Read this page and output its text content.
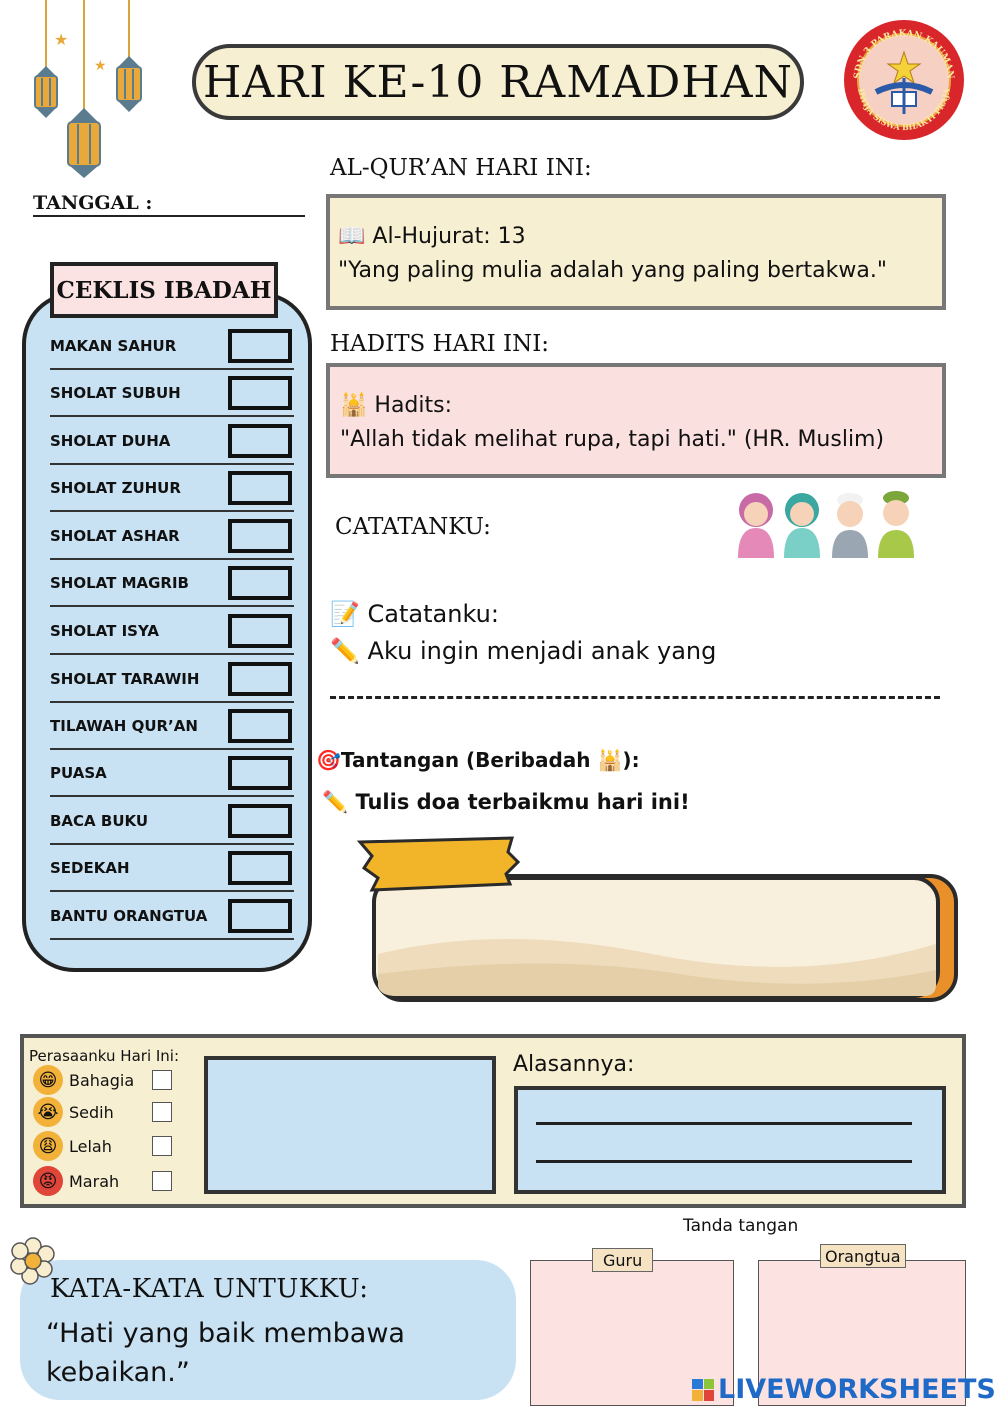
★
★ HARI KE-10 RAMADHAN	SDN 3 PARAKAN KAUMAN
DWIJA SISWA BHAKTI PRAJA
TANGGAL :
CEKLIS IBADAH
MAKAN SAHUR
SHOLAT SUBUH
SHOLAT DUHA
SHOLAT ZUHUR
SHOLAT ASHAR
SHOLAT MAGRIB
SHOLAT ISYA
SHOLAT TARAWIH
TILAWAH QUR’AN
PUASA
BACA BUKU
SEDEKAH
BANTU ORANGTUA
AL-QUR’AN HARI INI:
📖 Al-Hujurat: 13
"Yang paling mulia adalah yang paling bertakwa."
HADITS HARI INI:
🕌 Hadits:
"Allah tidak melihat rupa, tapi hati." (HR. Muslim)
CATATANKU:
📝 Catatanku:
✏️ Aku ingin menjadi anak yang
🎯Tantangan (Beribadah 🕌):
✏️ Tulis doa terbaikmu hari ini!
Perasaanku Hari Ini:
😁 Bahagia
😭 Sedih
😩 Lelah
😡 Marah
Alasannya:
KATA-KATA UNTUKKU:
“Hati yang baik membawa
kebaikan.”
Tanda tangan
Guru	Orangtua
LIVEWORKSHEETS
